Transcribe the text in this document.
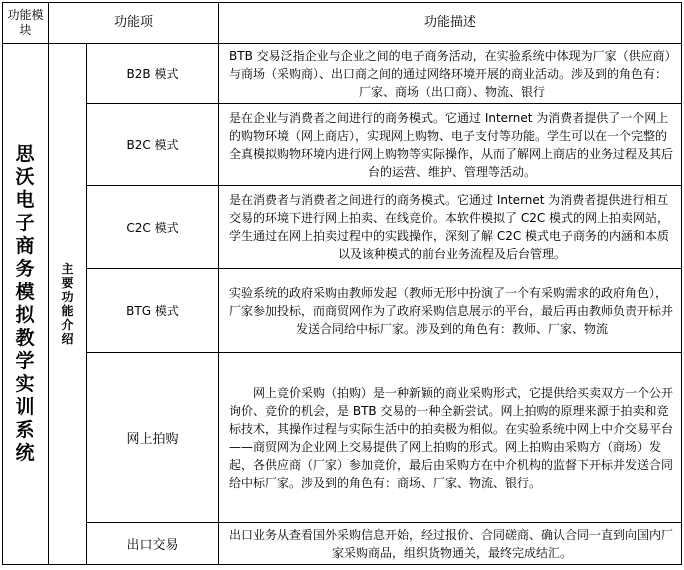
功能模块	功能项		功能描述

思沃电子商务模拟教学实训系统	主要功能介绍	B2B 模式	BTB 交易泛指企业与企业之间的电子商务活动，在实验系统中体现为厂家（供应商）与商场（采购商）、出口商之间的通过网络环境开展的商业活动。涉及到的角色有：厂家、商场（出口商）、物流、银行
		B2C 模式	是在企业与消费者之间进行的商务模式。它通过 Internet 为消费者提供了一个网上的购物环境（网上商店），实现网上购物、电子支付等功能。学生可以在一个完整的全真模拟购物环境内进行网上购物等实际操作，从而了解网上商店的业务过程及其后台的运营、维护、管理等活动。
		C2C 模式	是在消费者与消费者之间进行的商务模式。它通过 Internet 为消费者提供进行相互交易的环境下进行网上拍卖、在线竞价。本软件模拟了 C2C 模式的网上拍卖网站，学生通过在网上拍卖过程中的实践操作，深刻了解 C2C 模式电子商务的内涵和本质以及该种模式的前台业务流程及后台管理。
		BTG 模式	实验系统的政府采购由教师发起（教师无形中扮演了一个有采购需求的政府角色），厂家参加投标，而商贸网作为了政府采购信息展示的平台，最后再由教师负责开标并发送合同给中标厂家。涉及到的角色有：教师、厂家、物流
		网上拍购	网上竞价采购（拍购）是一种新颖的商业采购形式，它提供给买卖双方一个公开询价、竞价的机会，是 BTB 交易的一种全新尝试。网上拍购的原理来源于拍卖和竞标技术，其操作过程与实际生活中的拍卖极为相似。在实验系统中网上中介交易平台——商贸网为企业网上交易提供了网上拍购的形式。网上拍购由采购方（商场）发起，各供应商（厂家）参加竞价，最后由采购方在中介机构的监督下开标并发送合同给中标厂家。涉及到的角色有：商场、厂家、物流、银行。
		出口交易	出口业务从查看国外采购信息开始，经过报价、合同磋商、确认合同一直到向国内厂家采购商品，组织货物通关，最终完成结汇。
